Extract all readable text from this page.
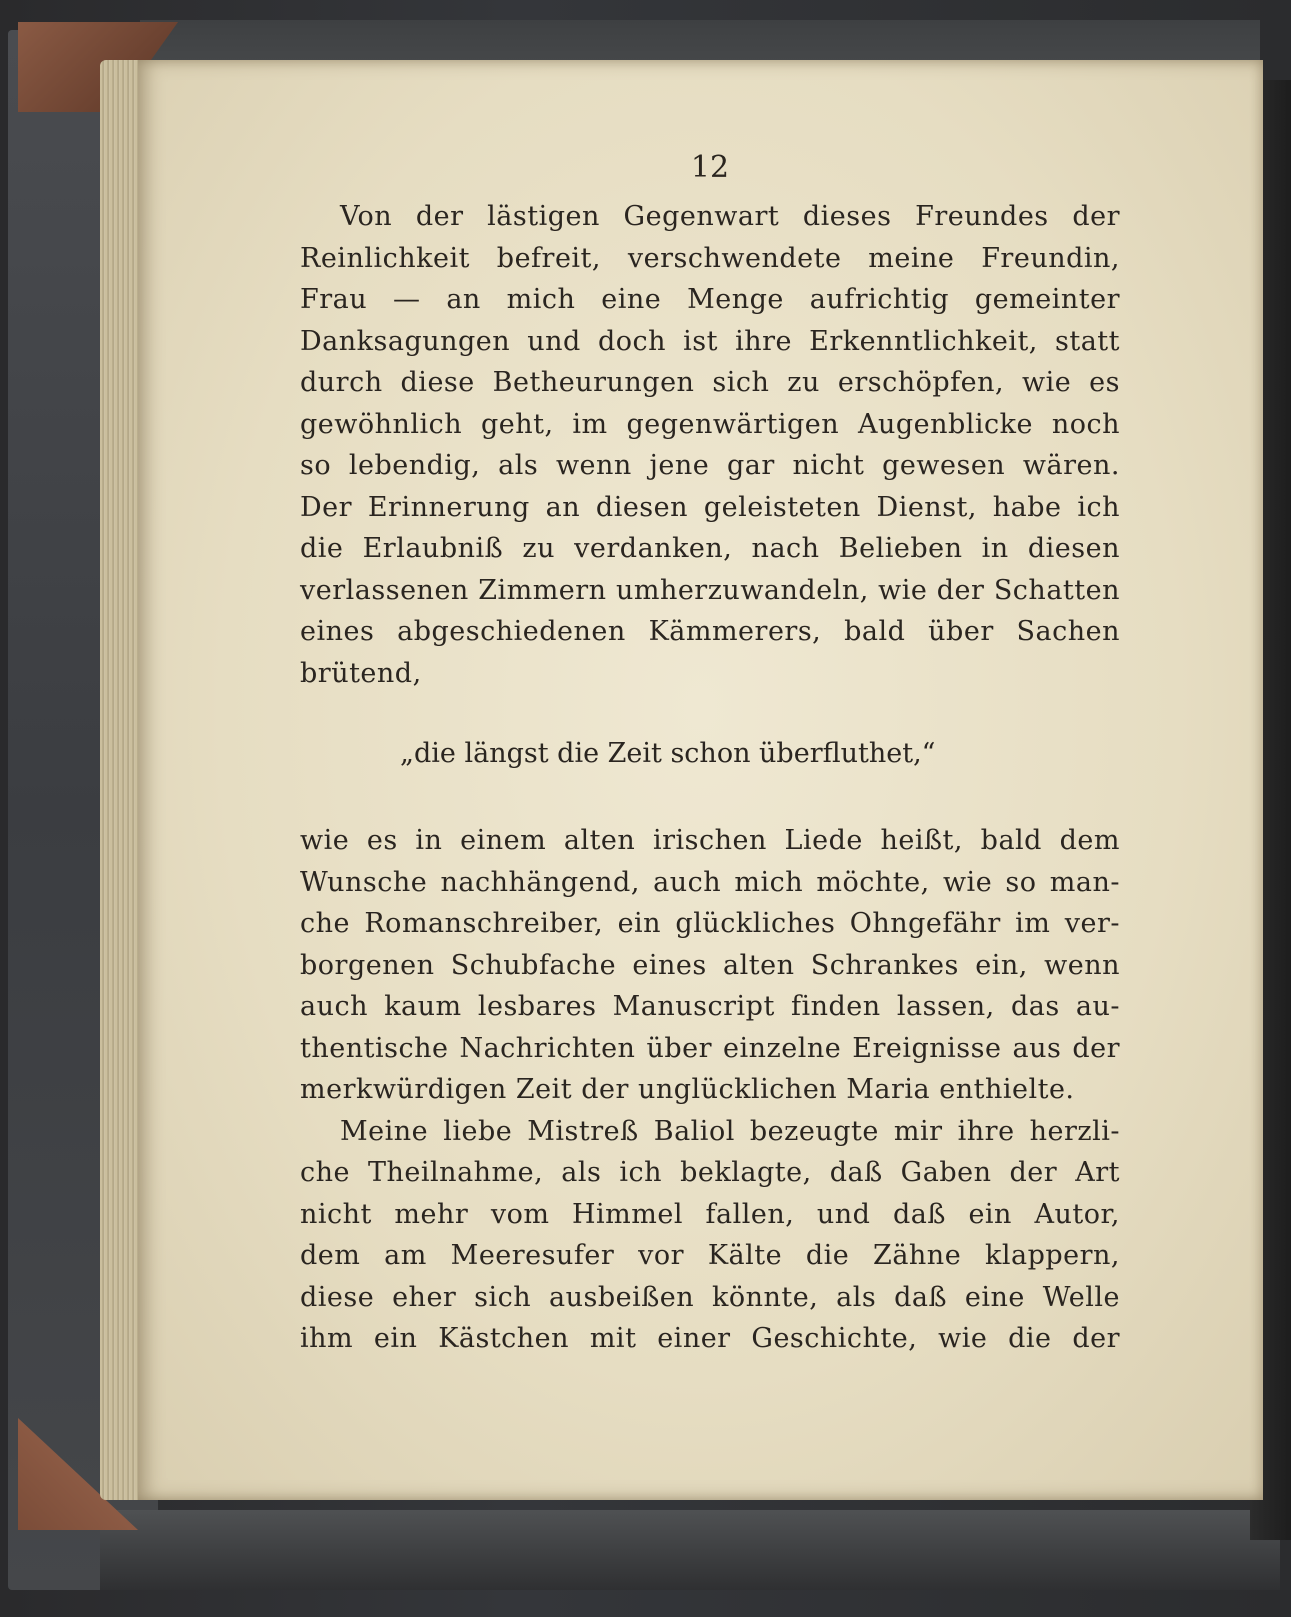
12
Von der lästigen Gegenwart dieses Freundes der
Reinlichkeit befreit, verschwendete meine Freundin,
Frau — an mich eine Menge aufrichtig gemeinter
Danksagungen und doch ist ihre Erkenntlichkeit, statt
durch diese Betheurungen sich zu erschöpfen, wie es
gewöhnlich geht, im gegenwärtigen Augenblicke noch
so lebendig, als wenn jene gar nicht gewesen wären.
Der Erinnerung an diesen geleisteten Dienst, habe ich
die Erlaubniß zu verdanken, nach Belieben in diesen
verlassenen Zimmern umherzuwandeln, wie der Schatten
eines abgeschiedenen Kämmerers, bald über Sachen
brütend,
„die längst die Zeit schon überfluthet,“
wie es in einem alten irischen Liede heißt, bald dem
Wunsche nachhängend, auch mich möchte, wie so man-
che Romanschreiber, ein glückliches Ohngefähr im ver-
borgenen Schubfache eines alten Schrankes ein, wenn
auch kaum lesbares Manuscript finden lassen, das au-
thentische Nachrichten über einzelne Ereignisse aus der
merkwürdigen Zeit der unglücklichen Maria enthielte.
Meine liebe Mistreß Baliol bezeugte mir ihre herzli-
che Theilnahme, als ich beklagte, daß Gaben der Art
nicht mehr vom Himmel fallen, und daß ein Autor,
dem am Meeresufer vor Kälte die Zähne klappern,
diese eher sich ausbeißen könnte, als daß eine Welle
ihm ein Kästchen mit einer Geschichte, wie die der
